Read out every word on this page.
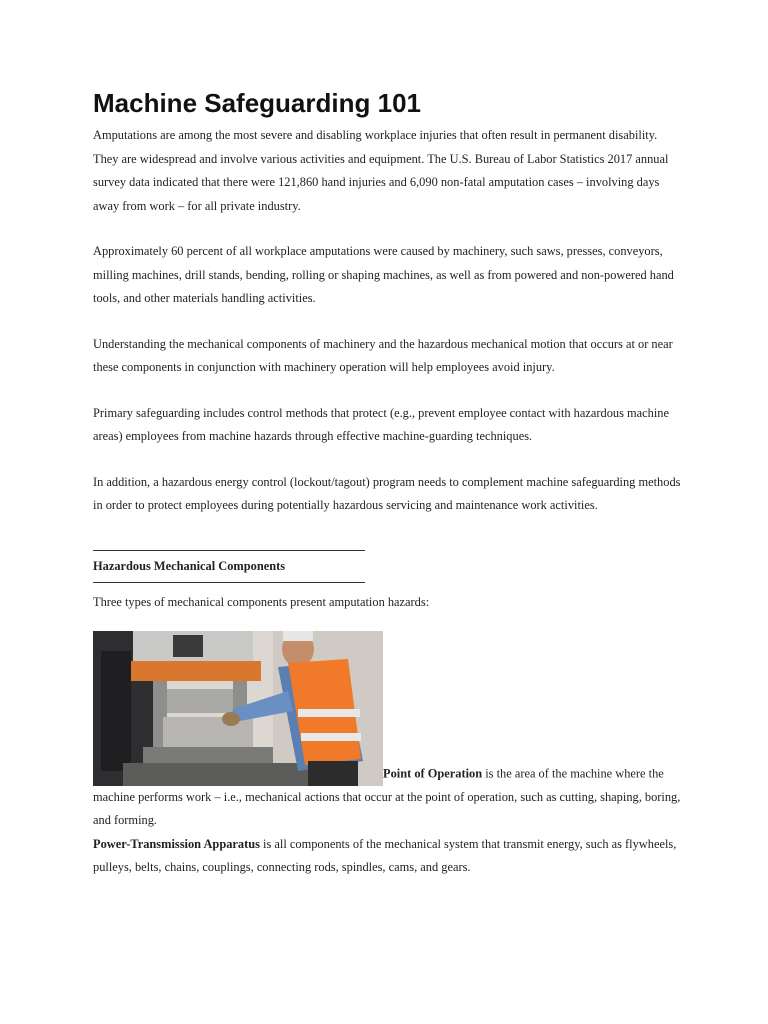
Machine Safeguarding 101

Amputations are among the most severe and disabling workplace injuries that often result in permanent disability. They are widespread and involve various activities and equipment. The U.S. Bureau of Labor Statistics 2017 annual survey data indicated that there were 121,860 hand injuries and 6,090 non-fatal amputation cases – involving days away from work – for all private industry.

Approximately 60 percent of all workplace amputations were caused by machinery, such saws, presses, conveyors, milling machines, drill stands, bending, rolling or shaping machines, as well as from powered and non-powered hand tools, and other materials handling activities.

Understanding the mechanical components of machinery and the hazardous mechanical motion that occurs at or near these components in conjunction with machinery operation will help employees avoid injury.

Primary safeguarding includes control methods that protect (e.g., prevent employee contact with hazardous machine areas) employees from machine hazards through effective machine-guarding techniques.

In addition, a hazardous energy control (lockout/tagout) program needs to complement machine safeguarding methods in order to protect employees during potentially hazardous servicing and maintenance work activities.

Hazardous Mechanical Components

Three types of mechanical components present amputation hazards:

Point of Operation is the area of the machine where the machine performs work – i.e., mechanical actions that occur at the point of operation, such as cutting, shaping, boring, and forming.

Power-Transmission Apparatus is all components of the mechanical system that transmit energy, such as flywheels, pulleys, belts, chains, couplings, connecting rods, spindles, cams, and gears.
